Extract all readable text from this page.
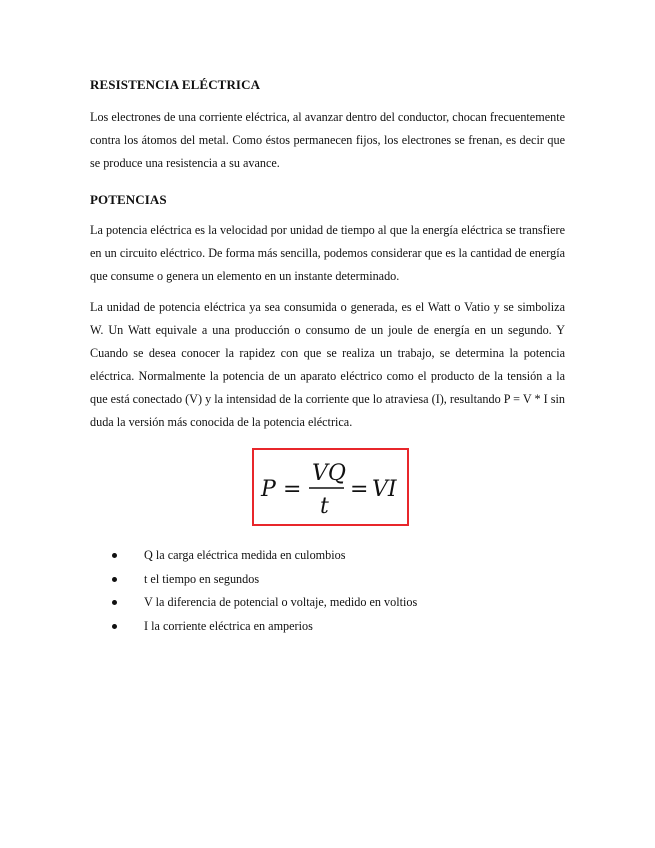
RESISTENCIA ELÉCTRICA

Los electrones de una corriente eléctrica, al avanzar dentro del conductor, chocan frecuentemente contra los átomos del metal. Como éstos permanecen fijos, los electrones se frenan, es decir que se produce una resistencia a su avance.

POTENCIAS

La potencia eléctrica es la velocidad por unidad de tiempo al que la energía eléctrica se transfiere en un circuito eléctrico. De forma más sencilla, podemos considerar que es la cantidad de energía que consume o genera un elemento en un instante determinado.

La unidad de potencia eléctrica ya sea consumida o generada, es el Watt o Vatio y se simboliza W. Un Watt equivale a una producción o consumo de un joule de energía en un segundo. Y Cuando se desea conocer la rapidez con que se realiza un trabajo, se determina la potencia eléctrica. Normalmente la potencia de un aparato eléctrico como el producto de la tensión a la que está conectado (V) y la intensidad de la corriente que lo atraviesa (I), resultando P = V * I sin duda la versión más conocida de la potencia eléctrica.

P =
VQ
t
= VI
Q la carga eléctrica medida en culombios
t el tiempo en segundos
V la diferencia de potencial o voltaje, medido en voltios
I la corriente eléctrica en amperios
